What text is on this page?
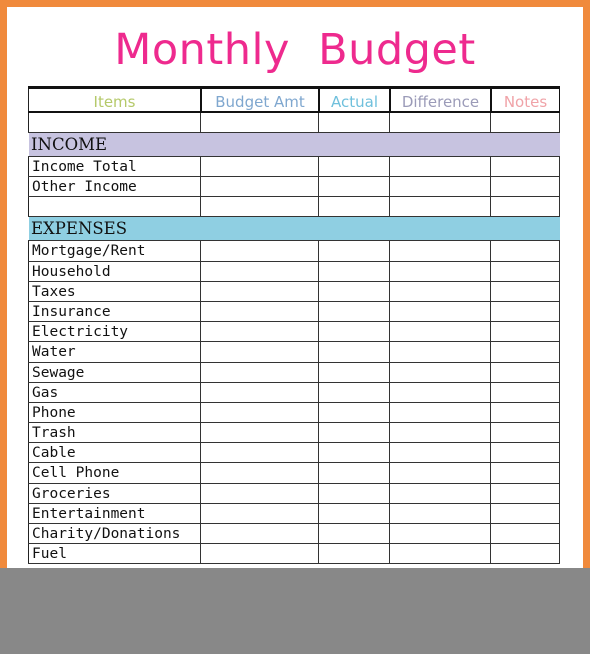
Monthly Budget
Items	Budget Amt	Actual	Difference	Notes
INCOME
Income Total
Other Income
EXPENSES
Mortgage/Rent
Household
Taxes
Insurance
Electricity
Water
Sewage
Gas
Phone
Trash
Cable
Cell Phone
Groceries
Entertainment
Charity/Donations
Fuel
